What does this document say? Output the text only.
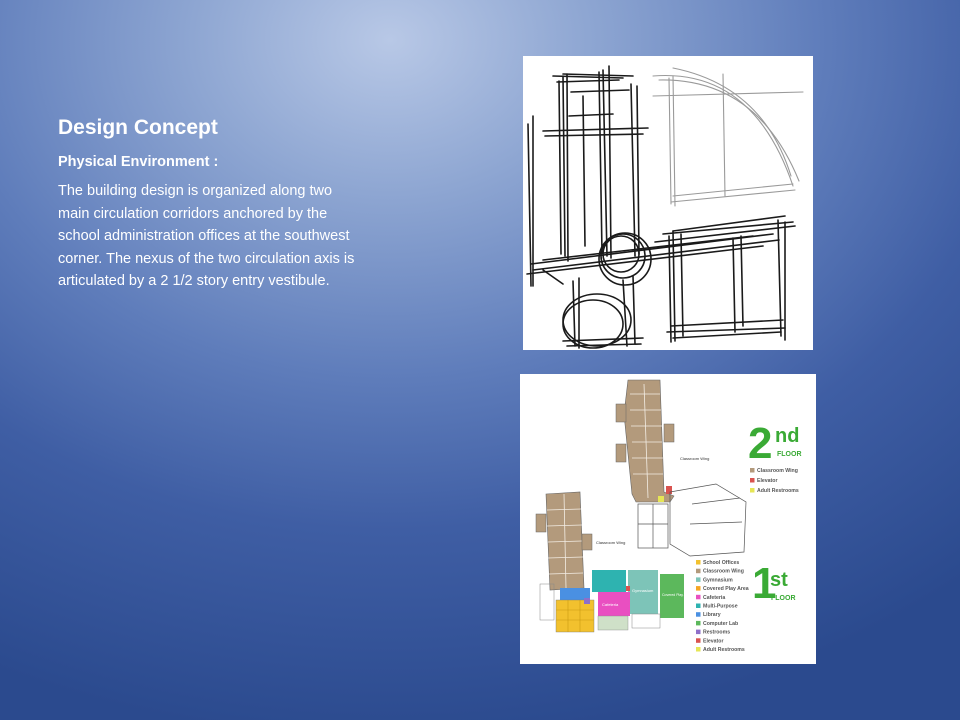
Design Concept
Physical Environment :

The building design is organized along two main circulation corridors anchored by the school administration offices at the southwest corner. The nexus of the two circulation axis is articulated by a 2 1/2 story entry vestibule.

Classroom Wing
Classroom Wing
Gymnasium
Cafeteria
Covered Play Area
2 nd
FLOOR
Classroom Wing
Elevator
Adult Restrooms
1
st
FLOOR
School Offices
Classroom Wing
Gymnasium
Covered Play Area
Cafeteria
Multi-Purpose
Library
Computer Lab
Restrooms
Elevator
Adult Restrooms
